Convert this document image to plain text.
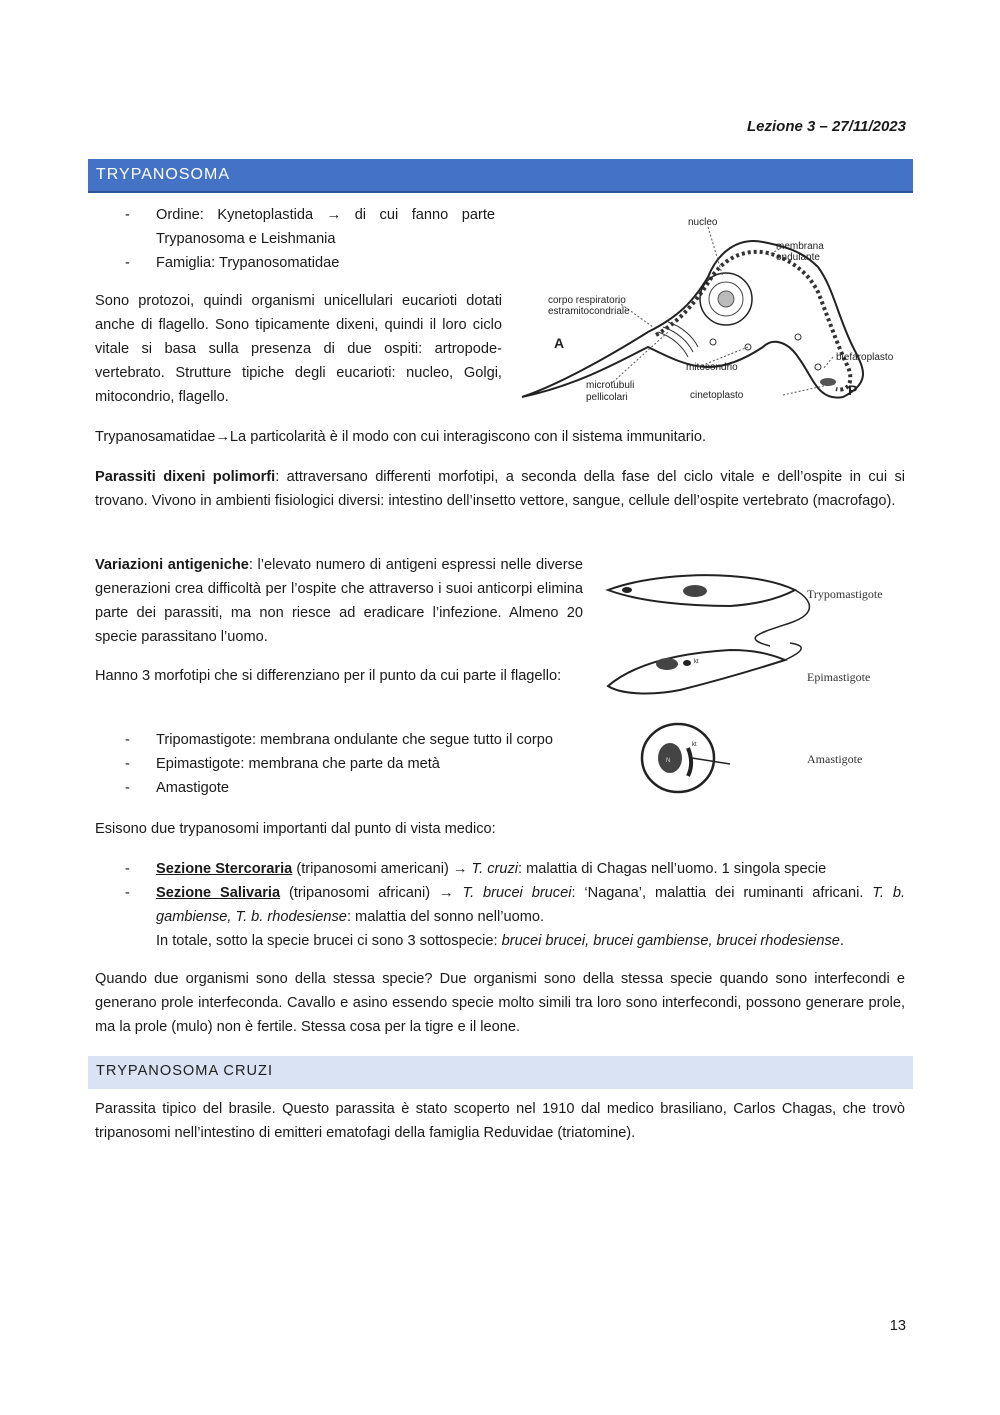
Lezione 3 – 27/11/2023
TRYPANOSOMA
- Ordine: Kynetoplastida → di cui fanno parte Trypanosoma e Leishmania
- Famiglia: Trypanosomatidae

Sono protozoi, quindi organismi unicellulari eucarioti dotati anche di flagello. Sono tipicamente dixeni, quindi il loro ciclo vitale si basa sulla presenza di due ospiti: artropode-vertebrato. Strutture tipiche degli eucarioti: nucleo, Golgi, mitocondrio, flagello.

nucleo
membrana
ondulante
corpo respiratorio
estramitocondriale
A
P
blefaroplasto
mitocondrio
microtubuli
pellicolari	cinetoplasto

Trypanosamatidae→La particolarità è il modo con cui interagiscono con il sistema immunitario.

Parassiti dixeni polimorfi: attraversano differenti morfotipi, a seconda della fase del ciclo vitale e dell’ospite in cui si trovano. Vivono in ambienti fisiologici diversi: intestino dell’insetto vettore, sangue, cellule dell’ospite vertebrato (macrofago).

Variazioni antigeniche: l’elevato numero di antigeni espressi nelle diverse generazioni crea difficoltà per l’ospite che attraverso i suoi anticorpi elimina parte dei parassiti, ma non riesce ad eradicare l’infezione. Almeno 20 specie parassitano l’uomo.

Hanno 3 morfotipi che si differenziano per il punto da cui parte il flagello:

- Tripomastigote: membrana ondulante che segue tutto il corpo
- Epimastigote: membrana che parte da metà
- Amastigote
Trypomastigote
kt
Epimastigote
N
kt
Amastigote

Esisono due trypanosomi importanti dal punto di vista medico:

- Sezione Stercoraria (tripanosomi americani) → T. cruzi: malattia di Chagas nell’uomo. 1 singola specie
- Sezione Salivaria (tripanosomi africani) → T. brucei brucei: ‘Nagana’, malattia dei ruminanti africani. T. b. gambiense, T. b. rhodesiense: malattia del sonno nell’uomo.
In totale, sotto la specie brucei ci sono 3 sottospecie: brucei brucei, brucei gambiense, brucei rhodesiense.

Quando due organismi sono della stessa specie? Due organismi sono della stessa specie quando sono interfecondi e generano prole interfeconda. Cavallo e asino essendo specie molto simili tra loro sono interfecondi, possono generare prole, ma la prole (mulo) non è fertile. Stessa cosa per la tigre e il leone.

TRYPANOSOMA CRUZI

Parassita tipico del brasile. Questo parassita è stato scoperto nel 1910 dal medico brasiliano, Carlos Chagas, che trovò tripanosomi nell’intestino di emitteri ematofagi della famiglia Reduvidae (triatomine).

13
